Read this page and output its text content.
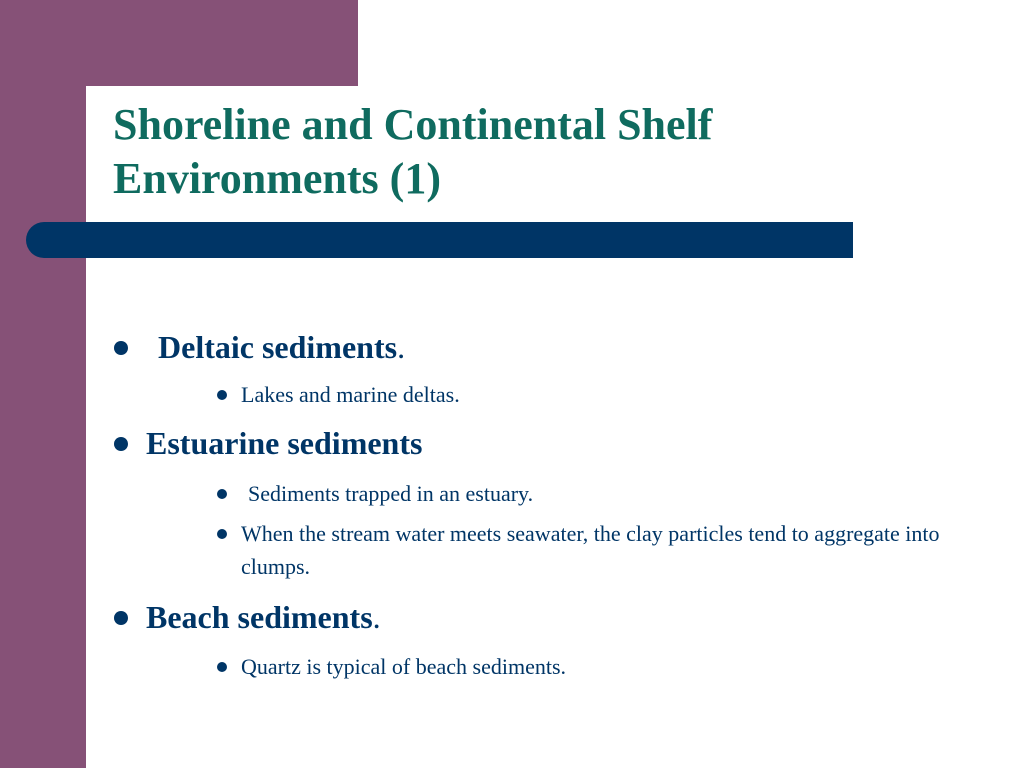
Shoreline and Continental Shelf
Environments (1)
Deltaic sediments.
Lakes and marine deltas.
Estuarine sediments
Sediments trapped in an estuary.
When the stream water meets seawater, the clay particles tend to aggregate into clumps.
Beach sediments.
Quartz is typical of beach sediments.
